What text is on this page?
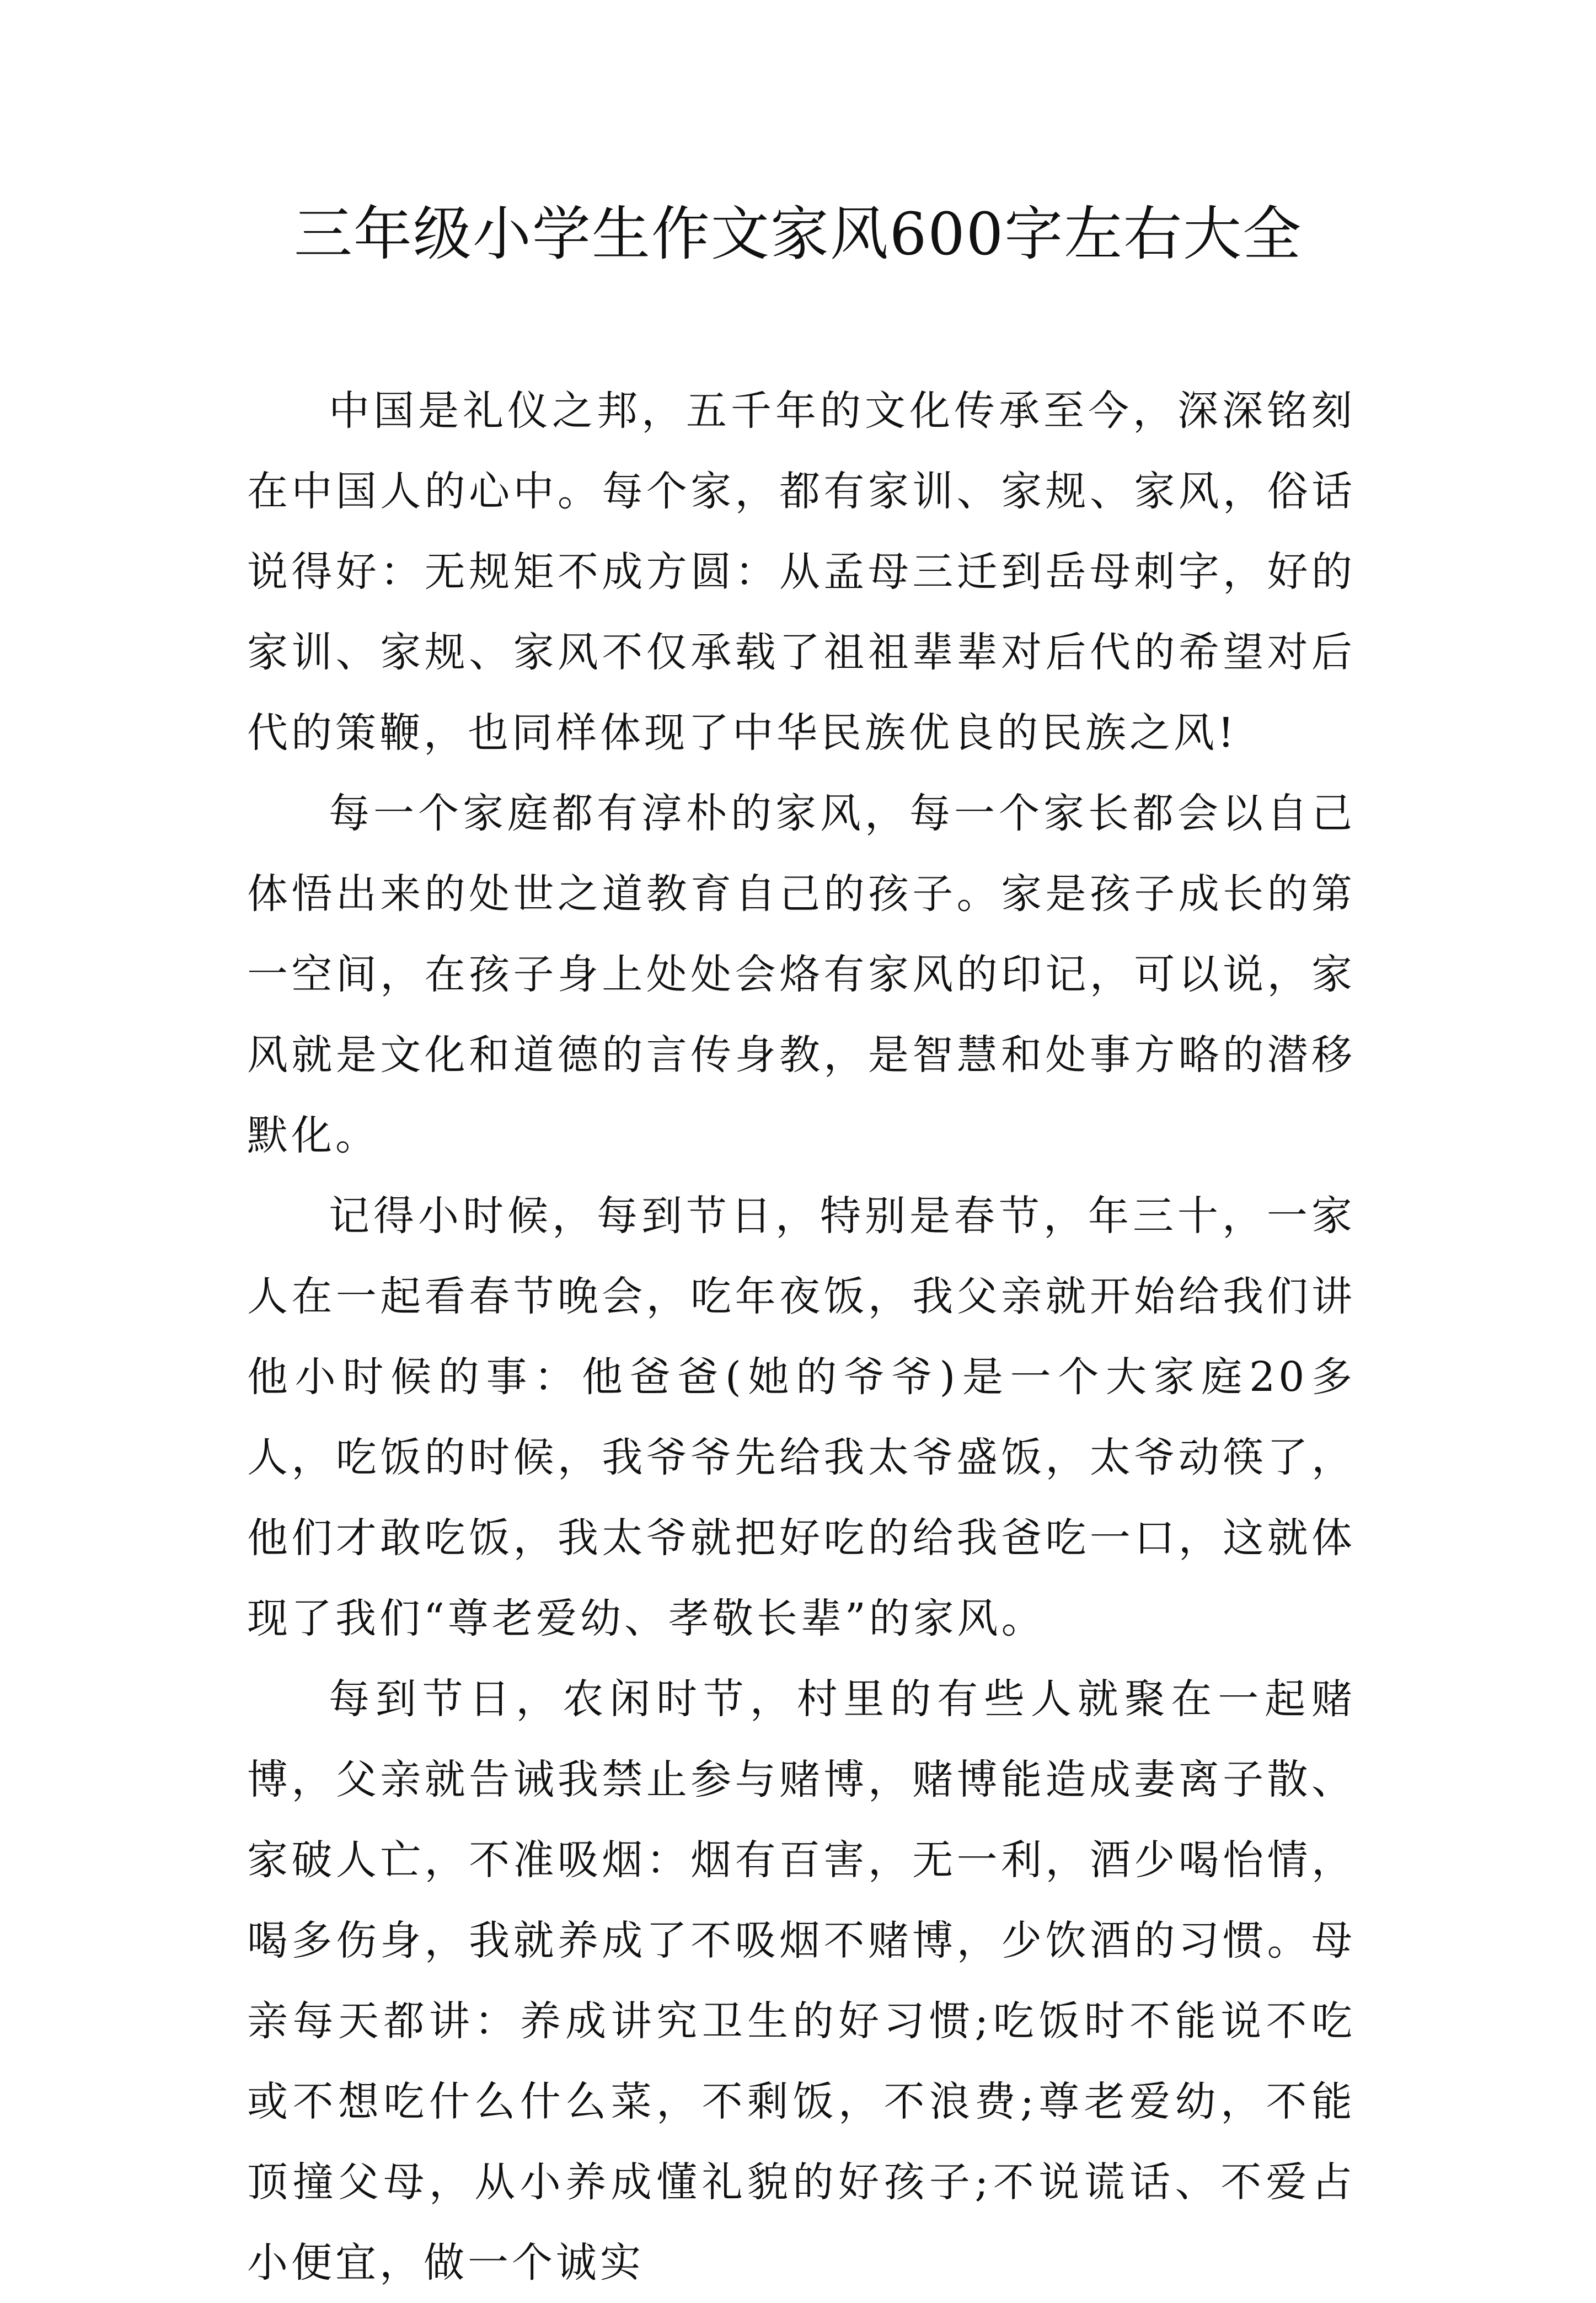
三年级小学生作文家风600字左右大全

中国是礼仪之邦，五千年的文化传承至今，深深铭刻在中国人的心中。每个家，都有家训、家规、家风，俗话说得好：无规矩不成方圆：从孟母三迁到岳母刺字，好的家训、家规、家风不仅承载了祖祖辈辈对后代的希望对后代的策鞭，也同样体现了中华民族优良的民族之风!

每一个家庭都有淳朴的家风，每一个家长都会以自己体悟出来的处世之道教育自己的孩子。家是孩子成长的第一空间，在孩子身上处处会烙有家风的印记，可以说，家风就是文化和道德的言传身教，是智慧和处事方略的潜移默化。

记得小时候，每到节日，特别是春节，年三十，一家人在一起看春节晚会，吃年夜饭，我父亲就开始给我们讲他小时候的事：他爸爸(她的爷爷)是一个大家庭20多人，吃饭的时候，我爷爷先给我太爷盛饭，太爷动筷了，他们才敢吃饭，我太爷就把好吃的给我爸吃一口，这就体现了我们“尊老爱幼、孝敬长辈”的家风。

每到节日，农闲时节，村里的有些人就聚在一起赌博，父亲就告诫我禁止参与赌博，赌博能造成妻离子散、家破人亡，不准吸烟：烟有百害，无一利，酒少喝怡情，喝多伤身，我就养成了不吸烟不赌博，少饮酒的习惯。母亲每天都讲：养成讲究卫生的好习惯;吃饭时不能说不吃或不想吃什么什么菜，不剩饭，不浪费;尊老爱幼，不能顶撞父母，从小养成懂礼貌的好孩子;不说谎话、不爱占小便宜，做一个诚实
